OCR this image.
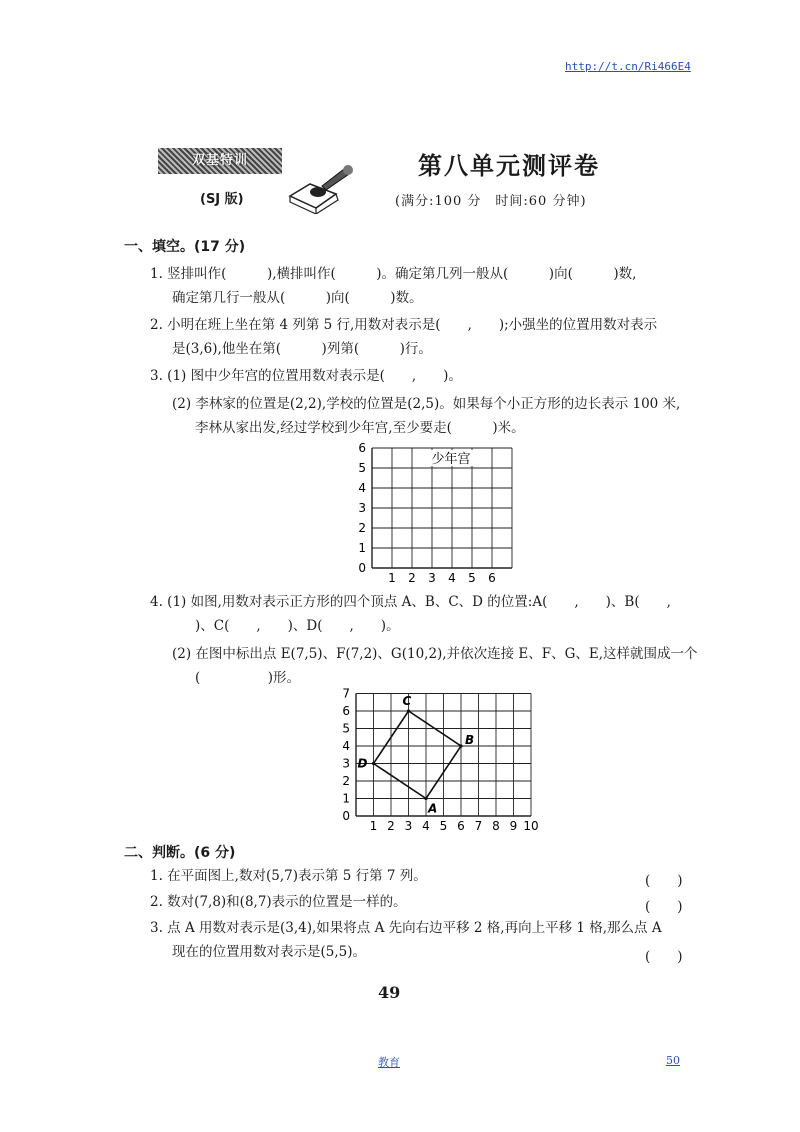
http://t.cn/Ri466E4
双基特训
(SJ 版)
第八单元测评卷
(满分:100 分　时间:60 分钟)
一、填空。(17 分)
1. 竖排叫作(　　　),横排叫作(　　　)。确定第几列一般从(　　　)向(　　　)数,
确定第几行一般从(　　　)向(　　　)数。
2. 小明在班上坐在第 4 列第 5 行,用数对表示是(　　,　　);小强坐的位置用数对表示
是(3,6),他坐在第(　　　)列第(　　　)行。
3. (1) 图中少年宫的位置用数对表示是(　　,　　)。
(2) 李林家的位置是(2,2),学校的位置是(2,5)。如果每个小正方形的边长表示 100 米,
李林从家出发,经过学校到少年宫,至少要走(　　　)米。
1 2 3 4 5 6
0
1
2
3
4
5
6
少年宫
4. (1) 如图,用数对表示正方形的四个顶点 A、B、C、D 的位置:A(　　,　　)、B(　　,
)、C(　　,　　)、D(　　,　　)。
(2) 在图中标出点 E(7,5)、F(7,2)、G(10,2),并依次连接 E、F、G、E,这样就围成一个
(　　　　　)形。
1 2 3 4 5 6 7 8 9 10
0
1
2
3
4
5
6
7
A
B
C
D
二、判断。(6 分)
1. 在平面图上,数对(5,7)表示第 5 行第 7 列。	(　　)
2. 数对(7,8)和(8,7)表示的位置是一样的。	(　　)
3. 点 A 用数对表示是(3,4),如果将点 A 先向右边平移 2 格,再向上平移 1 格,那么点 A
现在的位置用数对表示是(5,5)。	(　　)
49
教育	50
